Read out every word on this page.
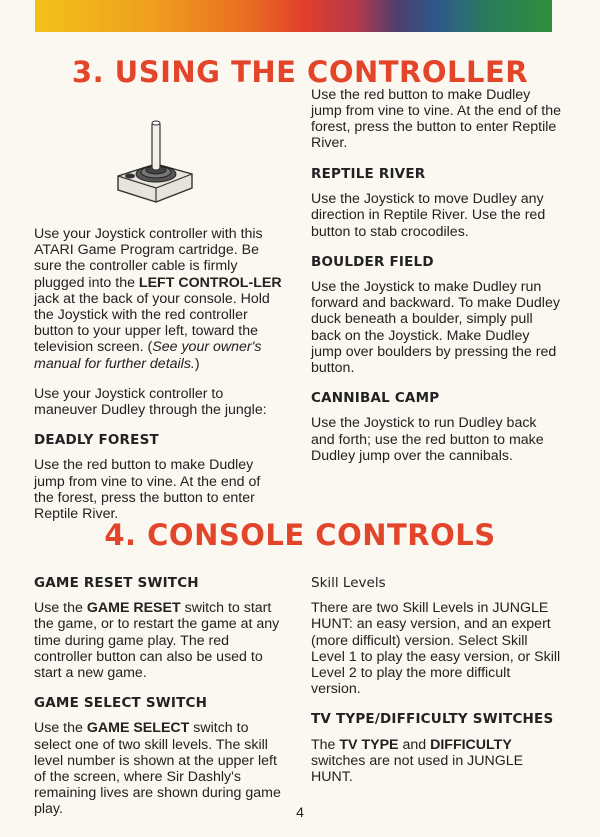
3. USING THE CONTROLLER

Use your Joystick controller with this ATARI Game Program cartridge. Be sure the controller cable is firmly plugged into the LEFT CONTROL-LER jack at the back of your console. Hold the Joystick with the red controller button to your upper left, toward the television screen. (See your owner's manual for further details.)

Use your Joystick controller to maneuver Dudley through the jungle:

DEADLY FOREST

Use the red button to make Dudley jump from vine to vine. At the end of the forest, press the button to enter Reptile River.

Use the red button to make Dudley jump from vine to vine. At the end of the forest, press the button to enter Reptile River.

REPTILE RIVER

Use the Joystick to move Dudley any direction in Reptile River. Use the red button to stab crocodiles.

BOULDER FIELD

Use the Joystick to make Dudley run forward and backward. To make Dudley duck beneath a boulder, simply pull back on the Joystick. Make Dudley jump over boulders by pressing the red button.

CANNIBAL CAMP

Use the Joystick to run Dudley back and forth; use the red button to make Dudley jump over the cannibals.

4. CONSOLE CONTROLS
GAME RESET SWITCH

Use the GAME RESET switch to start the game, or to restart the game at any time during game play. The red controller button can also be used to start a new game.

GAME SELECT SWITCH

Use the GAME SELECT switch to select one of two skill levels. The skill level number is shown at the upper left of the screen, where Sir Dashly's remaining lives are shown during game play.

Skill Levels

There are two Skill Levels in JUNGLE HUNT: an easy version, and an expert (more difficult) version. Select Skill Level 1 to play the easy version, or Skill Level 2 to play the more difficult version.

TV TYPE/DIFFICULTY SWITCHES

The TV TYPE and DIFFICULTY switches are not used in JUNGLE HUNT.

4
